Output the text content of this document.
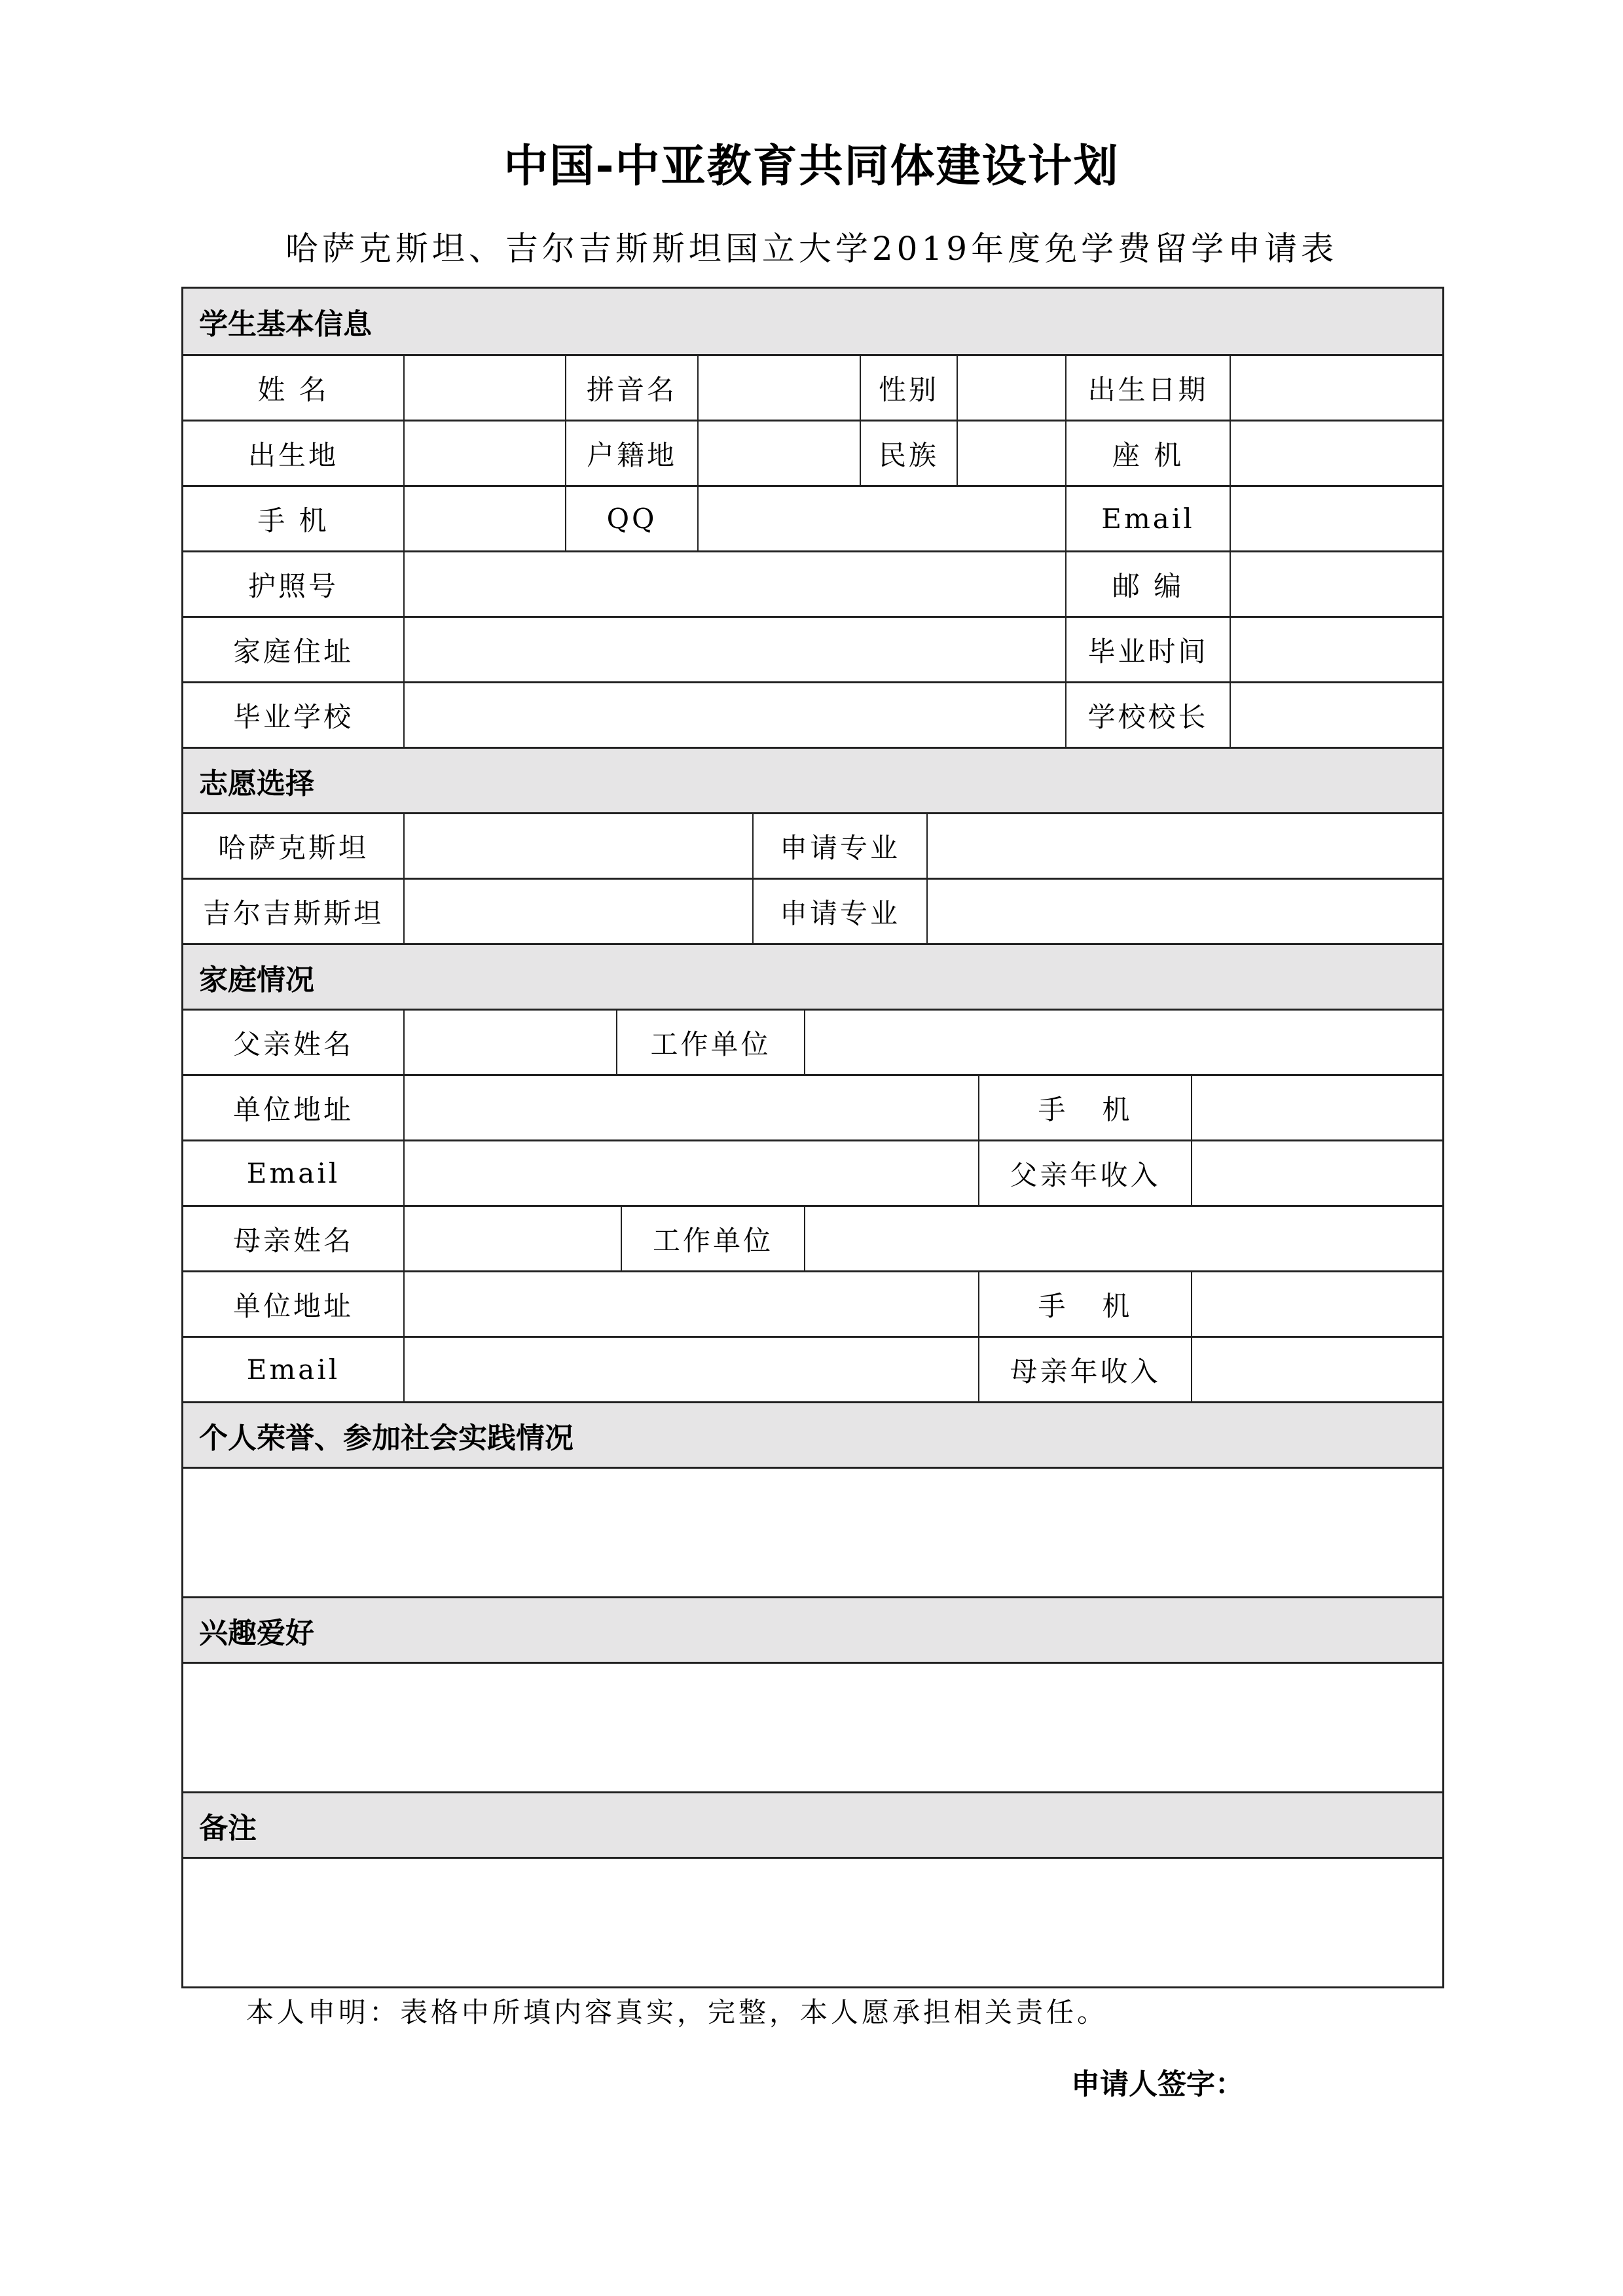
中国-中亚教育共同体建设计划
哈萨克斯坦、吉尔吉斯斯坦国立大学2019年度免学费留学申请表
学生基本信息
姓 名	拼音名	性别	出生日期
出生地	户籍地	民族	座 机
手 机	QQ	Email
护照号	邮 编
家庭住址	毕业时间
毕业学校	学校校长
志愿选择
哈萨克斯坦	申请专业
吉尔吉斯斯坦	申请专业
家庭情况
父亲姓名	工作单位
单位地址	手   机
Email	父亲年收入
母亲姓名	工作单位
单位地址	手   机
Email	母亲年收入
个人荣誉、参加社会实践情况
兴趣爱好
备注
本人申明：表格中所填内容真实，完整，本人愿承担相关责任。
申请人签字：
